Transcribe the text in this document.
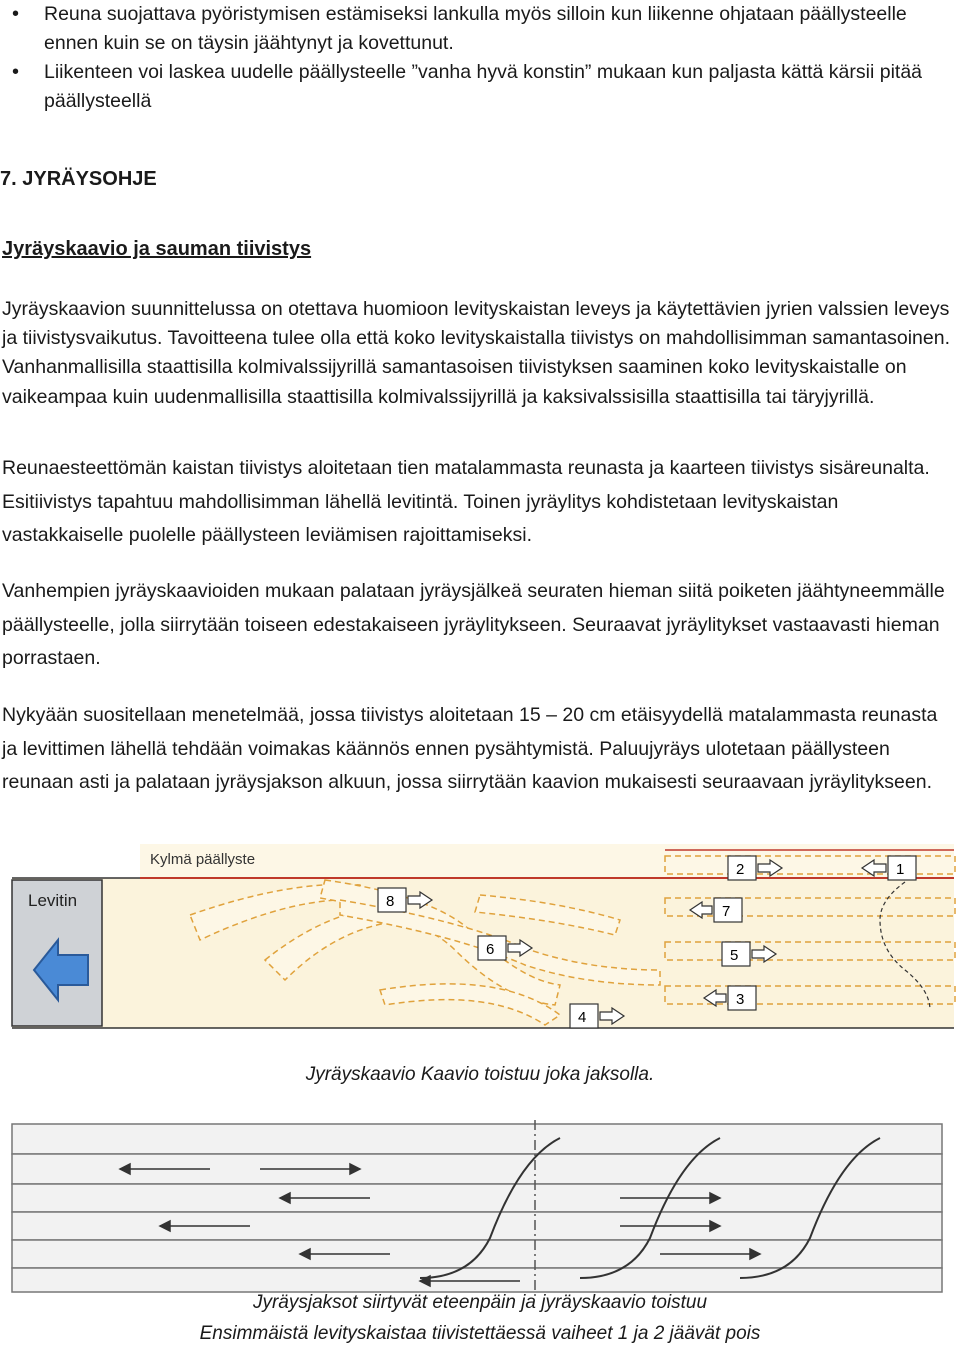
• Reuna suojattava pyöristymisen estämiseksi lankulla myös silloin kun liikenne ohjataan päällysteelle ennen kuin se on täysin jäähtynyt ja kovettunut.
• Liikenteen voi laskea uudelle päällysteelle ”vanha hyvä konstin” mukaan kun paljasta kättä kärsii pitää päällysteellä
7. JYRÄYSOHJE
Jyräyskaavio ja sauman tiivistys

Jyräyskaavion suunnittelussa on otettava huomioon levityskaistan leveys ja käytettävien jyrien valssien leveys ja tiivistysvaikutus. Tavoitteena tulee olla että koko levityskaistalla tiivistys on mahdollisimman samantasoinen. Vanhanmallisilla staattisilla kolmivalssijyrillä samantasoisen tiivistyksen saaminen koko levityskaistalle on vaikeampaa kuin uudenmallisilla staattisilla kolmivalssijyrillä ja kaksivalssisilla staattisilla tai täryjyrillä.

Reunaesteettömän kaistan tiivistys aloitetaan tien matalammasta reunasta ja kaarteen tiivistys sisäreunalta. Esitiivistys tapahtuu mahdollisimman lähellä levitintä. Toinen jyräylitys kohdistetaan levityskaistan vastakkaiselle puolelle päällysteen leviämisen rajoittamiseksi.

Vanhempien jyräyskaavioiden mukaan palataan jyräysjälkeä seuraten hieman siitä poiketen jäähtyneemmälle päällysteelle, jolla siirrytään toiseen edestakaiseen jyräylitykseen. Seuraavat jyräylitykset vastaavasti hieman porrastaen.

Nykyään suositellaan menetelmää, jossa tiivistys aloitetaan 15 – 20 cm etäisyydellä matalammasta reunasta ja levittimen lähellä tehdään voimakas käännös ennen pysähtymistä. Paluujyräys ulotetaan päällysteen reunaan asti ja palataan jyräysjakson alkuun, jossa siirrytään kaavion mukaisesti seuraavaan jyräylitykseen.

Kylmä päällyste
Levitin
1
2
7
5
3
4
6
8

Jyräyskaavio Kaavio toistuu joka jaksolla.

Jyräysjaksot siirtyvät eteenpäin ja jyräyskaavio toistuu

Ensimmäistä levityskaistaa tiivistettäessä vaiheet 1 ja 2 jäävät pois
